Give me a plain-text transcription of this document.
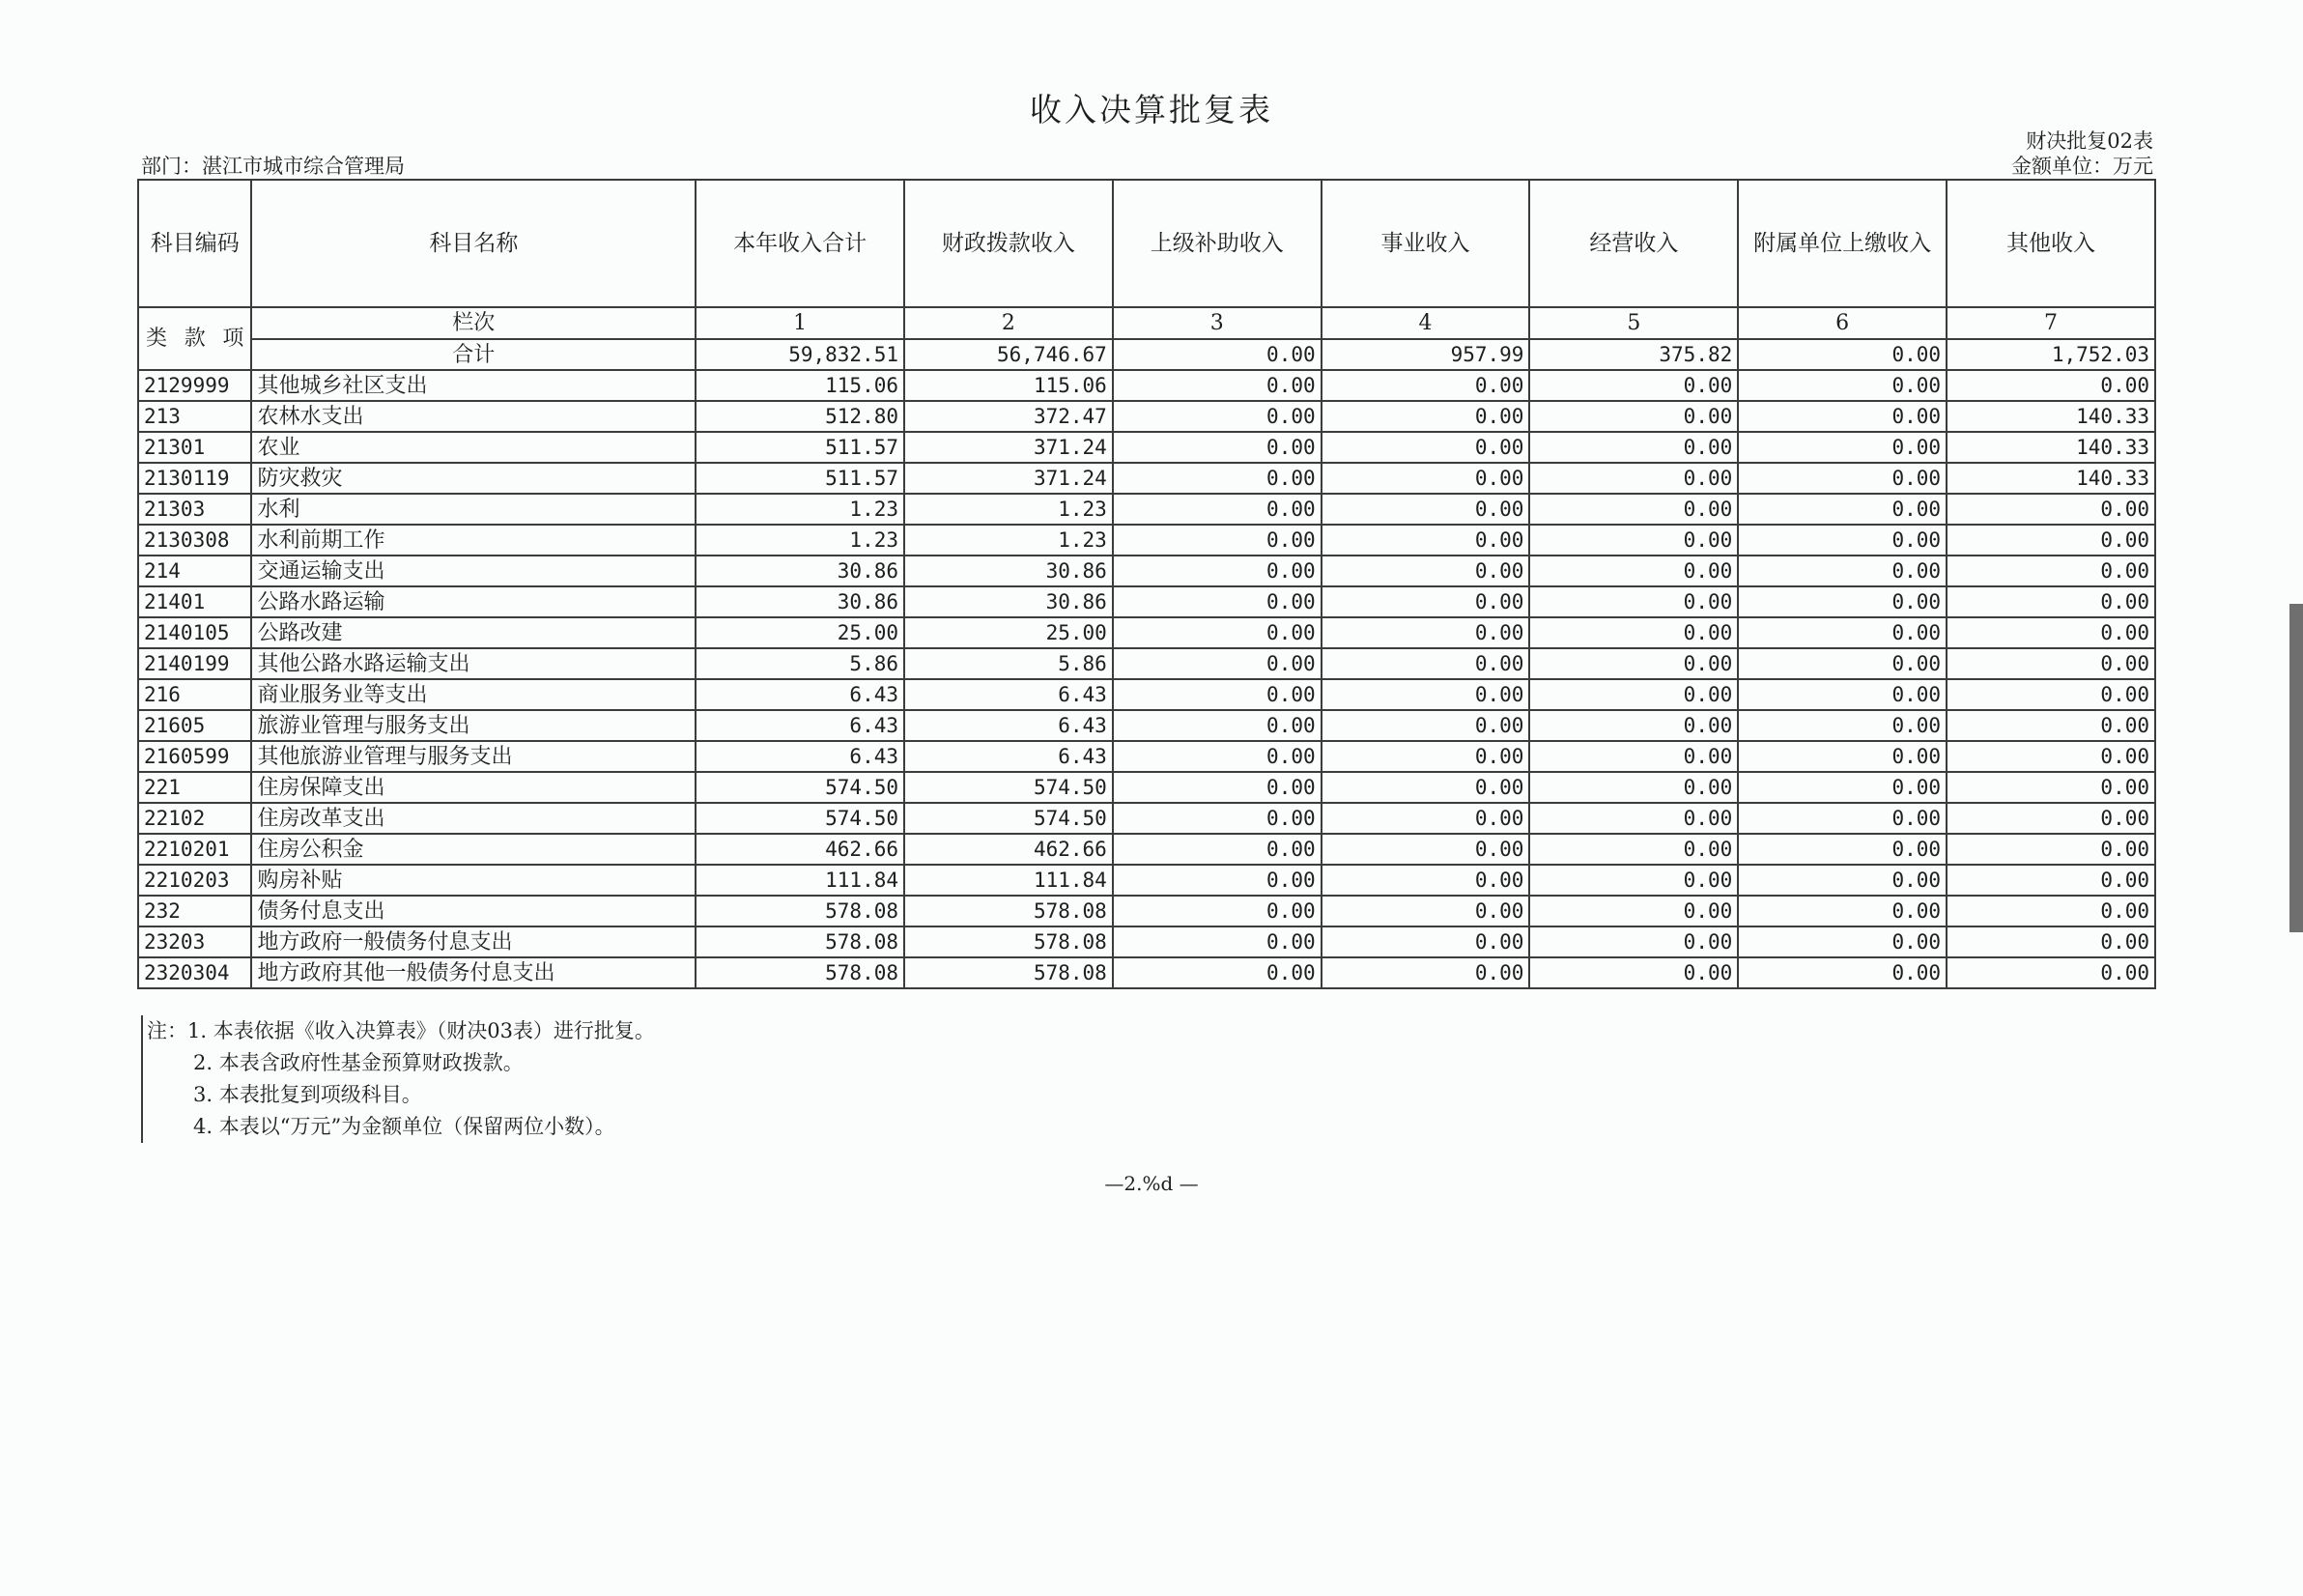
收入决算批复表
财决批复02表
部门：湛江市城市综合管理局	金额单位：万元
科目编码	科目名称	本年收入合计	财政拨款收入	上级补助收入	事业收入	经营收入	附属单位上缴收入	其他收入

类 款 项	栏次	1	2	3	4	5	6	7
	合计	59,832.51	56,746.67	0.00	957.99	375.82	0.00	1,752.03
2129999	其他城乡社区支出	115.06	115.06	0.00	0.00	0.00	0.00	0.00
213	农林水支出	512.80	372.47	0.00	0.00	0.00	0.00	140.33
21301	农业	511.57	371.24	0.00	0.00	0.00	0.00	140.33
2130119	防灾救灾	511.57	371.24	0.00	0.00	0.00	0.00	140.33
21303	水利	1.23	1.23	0.00	0.00	0.00	0.00	0.00
2130308	水利前期工作	1.23	1.23	0.00	0.00	0.00	0.00	0.00
214	交通运输支出	30.86	30.86	0.00	0.00	0.00	0.00	0.00
21401	公路水路运输	30.86	30.86	0.00	0.00	0.00	0.00	0.00
2140105	公路改建	25.00	25.00	0.00	0.00	0.00	0.00	0.00
2140199	其他公路水路运输支出	5.86	5.86	0.00	0.00	0.00	0.00	0.00
216	商业服务业等支出	6.43	6.43	0.00	0.00	0.00	0.00	0.00
21605	旅游业管理与服务支出	6.43	6.43	0.00	0.00	0.00	0.00	0.00
2160599	其他旅游业管理与服务支出	6.43	6.43	0.00	0.00	0.00	0.00	0.00
221	住房保障支出	574.50	574.50	0.00	0.00	0.00	0.00	0.00
22102	住房改革支出	574.50	574.50	0.00	0.00	0.00	0.00	0.00
2210201	住房公积金	462.66	462.66	0.00	0.00	0.00	0.00	0.00
2210203	购房补贴	111.84	111.84	0.00	0.00	0.00	0.00	0.00
232	债务付息支出	578.08	578.08	0.00	0.00	0.00	0.00	0.00
23203	地方政府一般债务付息支出	578.08	578.08	0.00	0.00	0.00	0.00	0.00
2320304	地方政府其他一般债务付息支出	578.08	578.08	0.00	0.00	0.00	0.00	0.00
注：1. 本表依据《收入决算表》（财决03表）进行批复。
2. 本表含政府性基金预算财政拨款。
3. 本表批复到项级科目。
4. 本表以“万元”为金额单位（保留两位小数）。
—2.%d —
